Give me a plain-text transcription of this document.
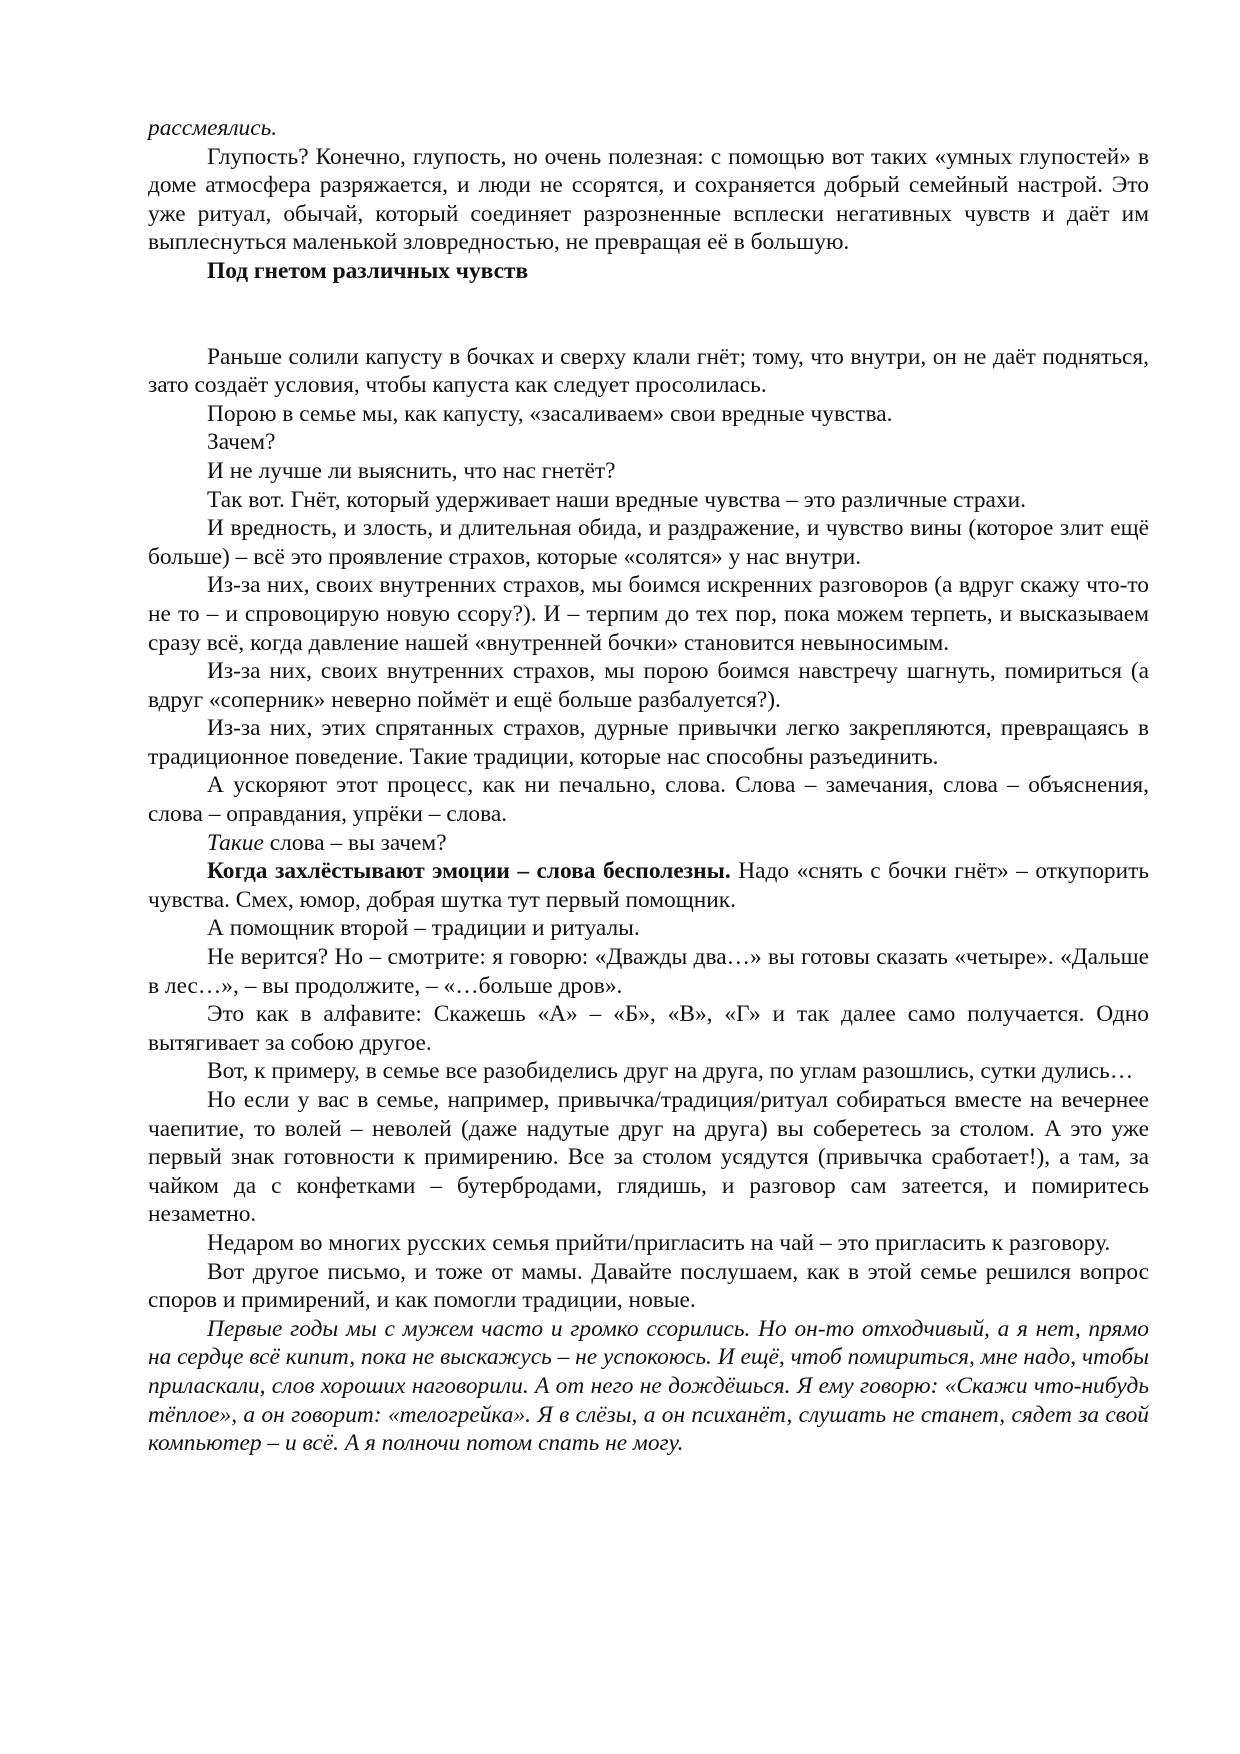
рассмеялись.

Глупость? Конечно, глупость, но очень полезная: с помощью вот таких «умных глупостей» в доме атмосфера разряжается, и люди не ссорятся, и сохраняется добрый семейный настрой. Это уже ритуал, обычай, который соединяет разрозненные всплески негативных чувств и даёт им выплеснуться маленькой зловредностью, не превращая её в большую.

Под гнетом различных чувств

Раньше солили капусту в бочках и сверху клали гнёт; тому, что внутри, он не даёт подняться, зато создаёт условия, чтобы капуста как следует просолилась.

Порою в семье мы, как капусту, «засаливаем» свои вредные чувства.

Зачем?

И не лучше ли выяснить, что нас гнетёт?

Так вот. Гнёт, который удерживает наши вредные чувства – это различные страхи.

И вредность, и злость, и длительная обида, и раздражение, и чувство вины (которое злит ещё больше) – всё это проявление страхов, которые «солятся» у нас внутри.

Из-за них, своих внутренних страхов, мы боимся искренних разговоров (а вдруг скажу что-то не то – и спровоцирую новую ссору?). И – терпим до тех пор, пока можем терпеть, и высказываем сразу всё, когда давление нашей «внутренней бочки» становится невыносимым.

Из-за них, своих внутренних страхов, мы порою боимся навстречу шагнуть, помириться (а вдруг «соперник» неверно поймёт и ещё больше разбалуется?).

Из-за них, этих спрятанных страхов, дурные привычки легко закрепляются, превращаясь в традиционное поведение. Такие традиции, которые нас способны разъединить.

А ускоряют этот процесс, как ни печально, слова. Слова – замечания, слова – объяснения, слова – оправдания, упрёки – слова.

Такие слова – вы зачем?

Когда захлёстывают эмоции – слова бесполезны. Надо «снять с бочки гнёт» – откупорить чувства. Смех, юмор, добрая шутка тут первый помощник.

А помощник второй – традиции и ритуалы.

Не верится? Но – смотрите: я говорю: «Дважды два…» вы готовы сказать «четыре». «Дальше в лес…», – вы продолжите, – «…больше дров».

Это как в алфавите: Скажешь «А» – «Б», «В», «Г» и так далее само получается. Одно вытягивает за собою другое.

Вот, к примеру, в семье все разобиделись друг на друга, по углам разошлись, сутки дулись…

Но если у вас в семье, например, привычка/традиция/ритуал собираться вместе на вечернее чаепитие, то волей – неволей (даже надутые друг на друга) вы соберетесь за столом. А это уже первый знак готовности к примирению. Все за столом усядутся (привычка сработает!), а там, за чайком да с конфетками – бутербродами, глядишь, и разговор сам затеется, и помиритесь незаметно.

Недаром во многих русских семья прийти/пригласить на чай – это пригласить к разговору.

Вот другое письмо, и тоже от мамы. Давайте послушаем, как в этой семье решился вопрос споров и примирений, и как помогли традиции, новые.

Первые годы мы с мужем часто и громко ссорились. Но он-то отходчивый, а я нет, прямо на сердце всё кипит, пока не выскажусь – не успокоюсь. И ещё, чтоб помириться, мне надо, чтобы приласкали, слов хороших наговорили. А от него не дождёшься. Я ему говорю: «Скажи что-нибудь тёплое», а он говорит: «телогрейка». Я в слёзы, а он психанёт, слушать не станет, сядет за свой компьютер – и всё. А я полночи потом спать не могу.
